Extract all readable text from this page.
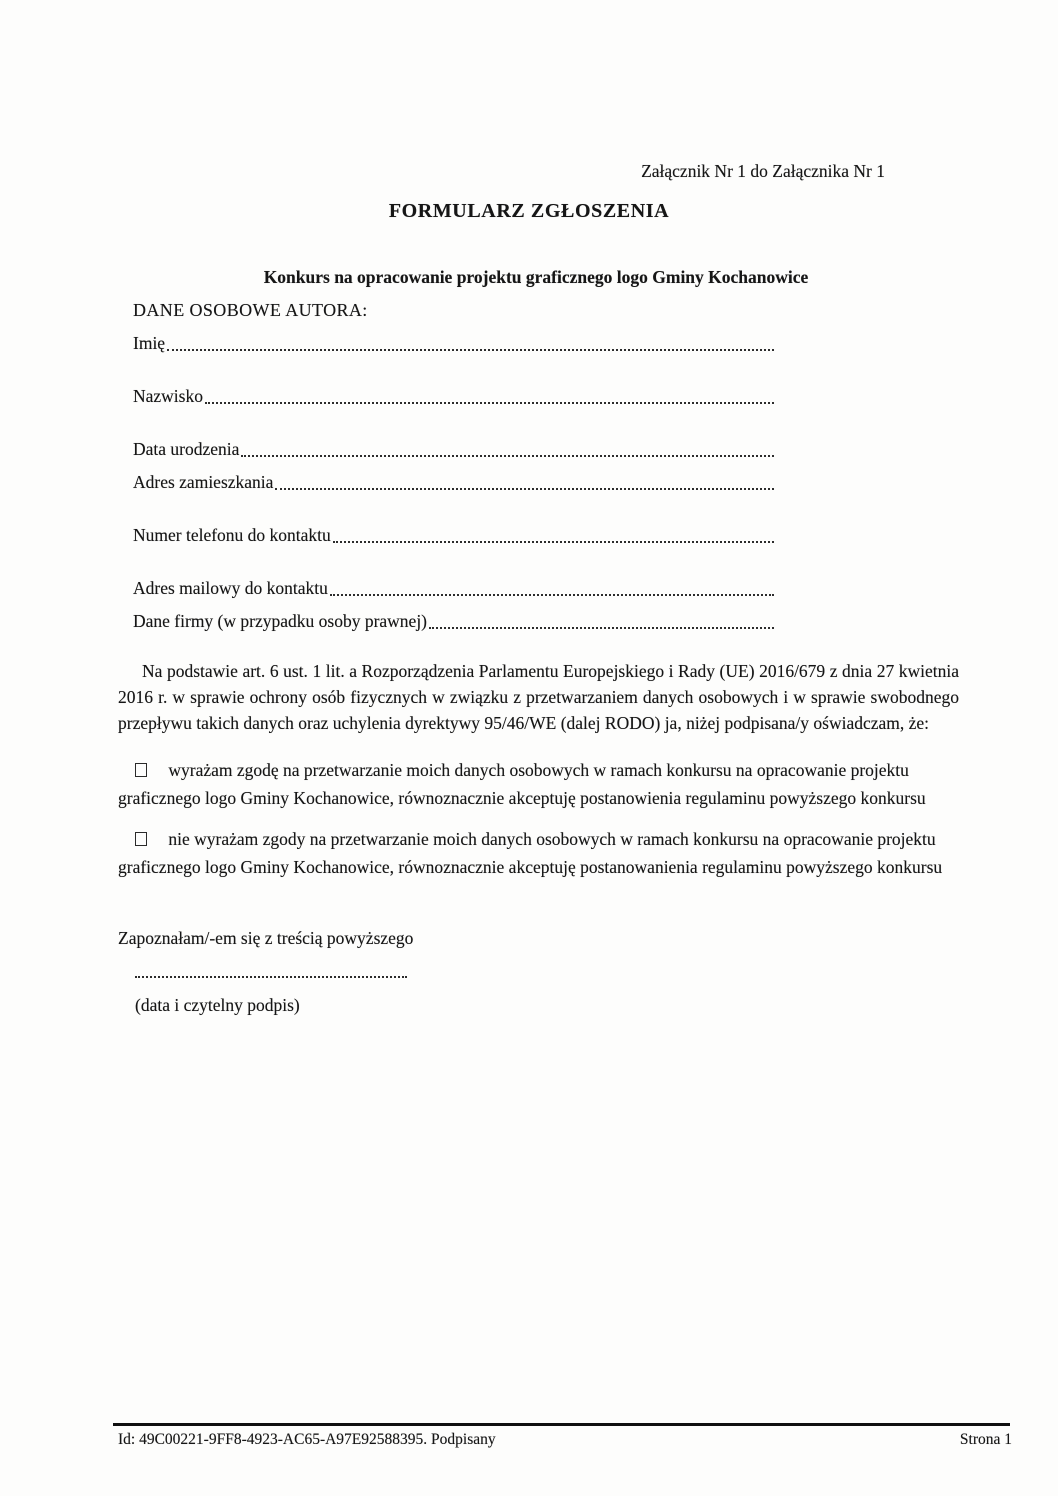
Załącznik Nr 1 do Załącznika Nr 1
FORMULARZ ZGŁOSZENIA
Konkurs na opracowanie projektu graficznego logo Gminy Kochanowice
DANE OSOBOWE AUTORA:
Imię
Nazwisko
Data urodzenia
Adres zamieszkania
Numer telefonu do kontaktu
Adres mailowy do kontaktu
Dane firmy (w przypadku osoby prawnej)

Na podstawie art. 6 ust. 1 lit. a Rozporządzenia Parlamentu Europejskiego i Rady (UE) 2016/679 z dnia 27 kwietnia 2016 r. w sprawie ochrony osób fizycznych w związku z przetwarzaniem danych osobowych i w sprawie swobodnego przepływu takich danych oraz uchylenia dyrektywy 95/46/WE (dalej RODO) ja, niżej podpisana/y oświadczam, że:

wyrażam zgodę na przetwarzanie moich danych osobowych w ramach konkursu na opracowanie projektu graficznego logo Gminy Kochanowice, równoznacznie akceptuję postanowienia regulaminu powyższego konkursu

nie wyrażam zgody na przetwarzanie moich danych osobowych w ramach konkursu na opracowanie projektu graficznego logo Gminy Kochanowice, równoznacznie akceptuję postanowanienia regulaminu powyższego konkursu

Zapoznałam/-em się z treścią powyższego
(data i czytelny podpis)
Id: 49C00221-9FF8-4923-AC65-A97E92588395. Podpisany	Strona 1
